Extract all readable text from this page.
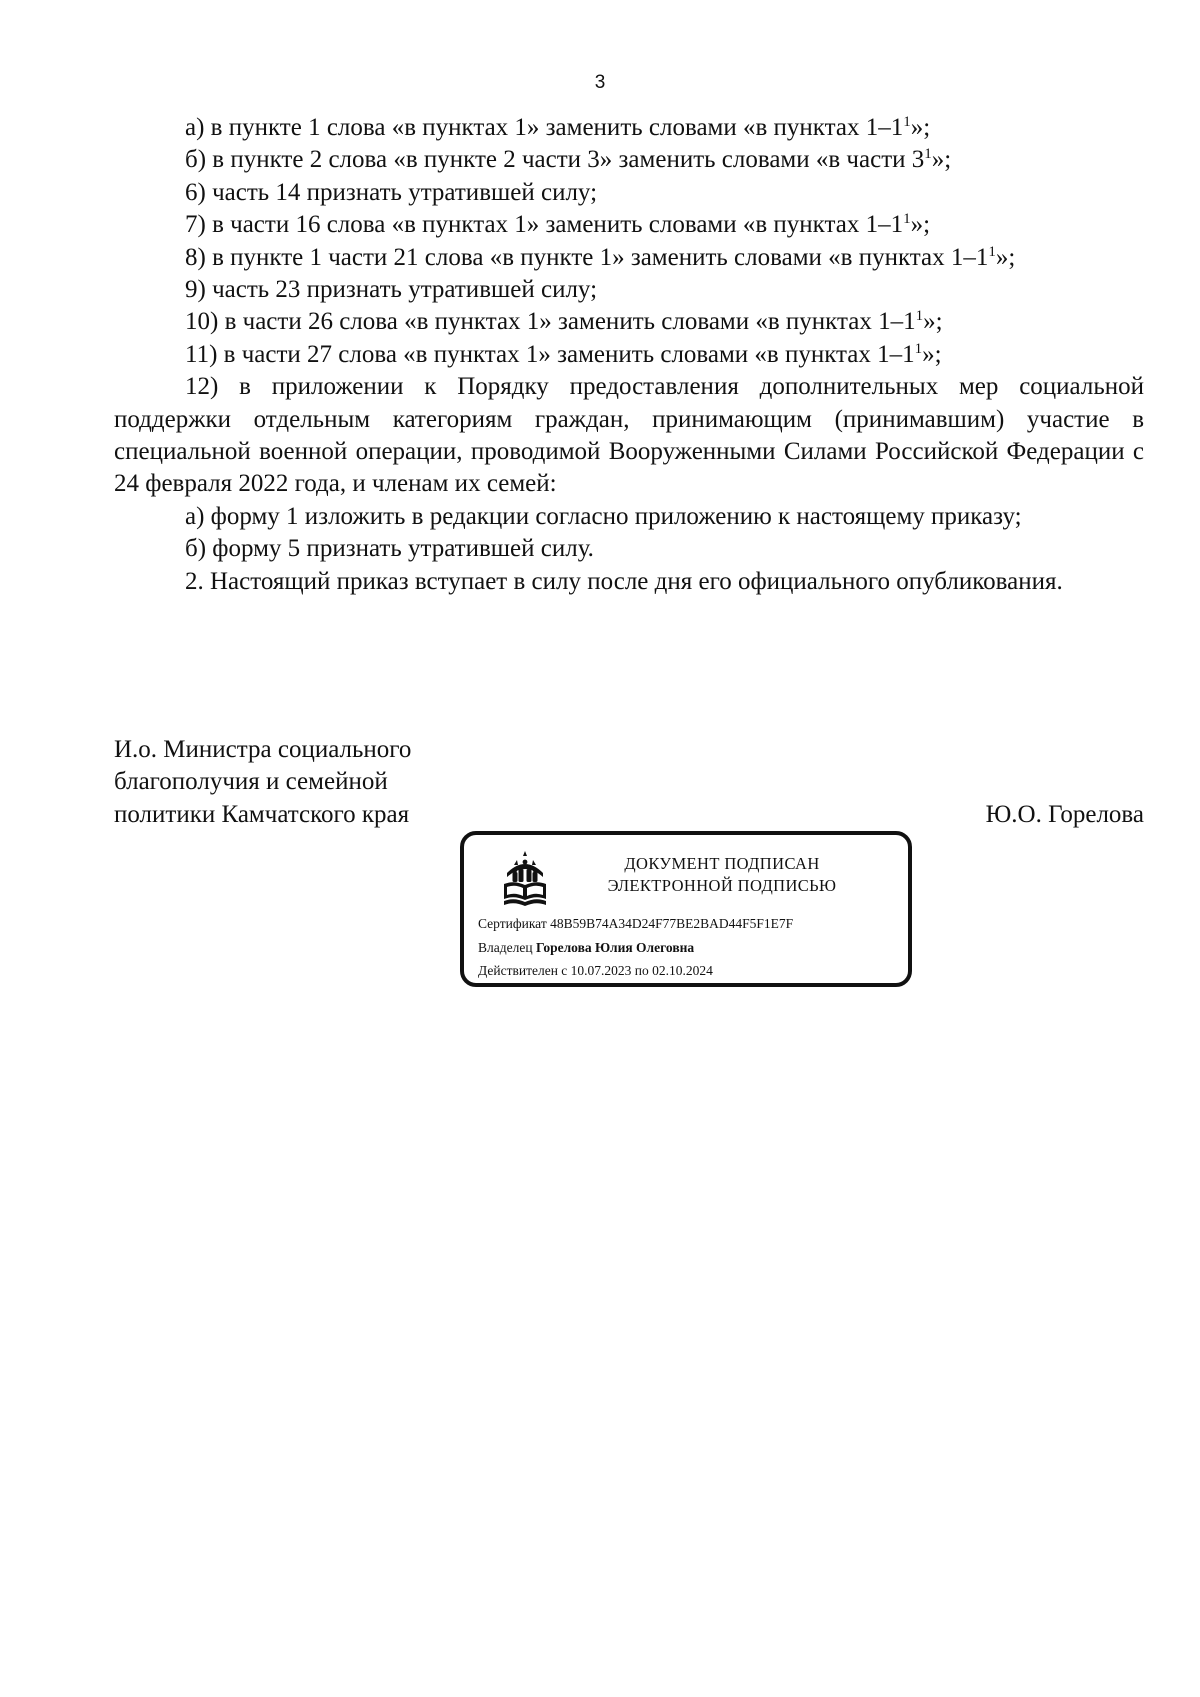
3

а) в пункте 1 слова «в пунктах 1» заменить словами «в пунктах $1-1^1$»;

б) в пункте 2 слова «в пункте 2 части 3» заменить словами «в части $3^1$»;

6) часть 14 признать утратившей силу;

7) в части 16 слова «в пунктах 1» заменить словами «в пунктах $1-1^1$»;

8) в пункте 1 части 21 слова «в пункте 1» заменить словами «в пунктах $1-1^1$»;

9) часть 23 признать утратившей силу;

10) в части 26 слова «в пунктах 1» заменить словами «в пунктах $1-1^1$»;

11) в части 27 слова «в пунктах 1» заменить словами «в пунктах $1-1^1$»;

12) в приложении к Порядку предоставления дополнительных мер социальной поддержки отдельным категориям граждан, принимающим (принимавшим) участие в специальной военной операции, проводимой Вооруженными Силами Российской Федерации с 24 февраля 2022 года, и членам их семей:

а) форму 1 изложить в редакции согласно приложению к настоящему приказу;

б) форму 5 признать утратившей силу.

2. Настоящий приказ вступает в силу после дня его официального опубликования.

И.о. Министра социального
благополучия и семейной
политики Камчатского края	Ю.О. Горелова
ДОКУМЕНТ ПОДПИСАН
ЭЛЕКТРОННОЙ ПОДПИСЬЮ
Сертификат 48B59B74A34D24F77BE2BAD44F5F1E7F
Владелец Горелова Юлия Олеговна
Действителен с 10.07.2023 по 02.10.2024
